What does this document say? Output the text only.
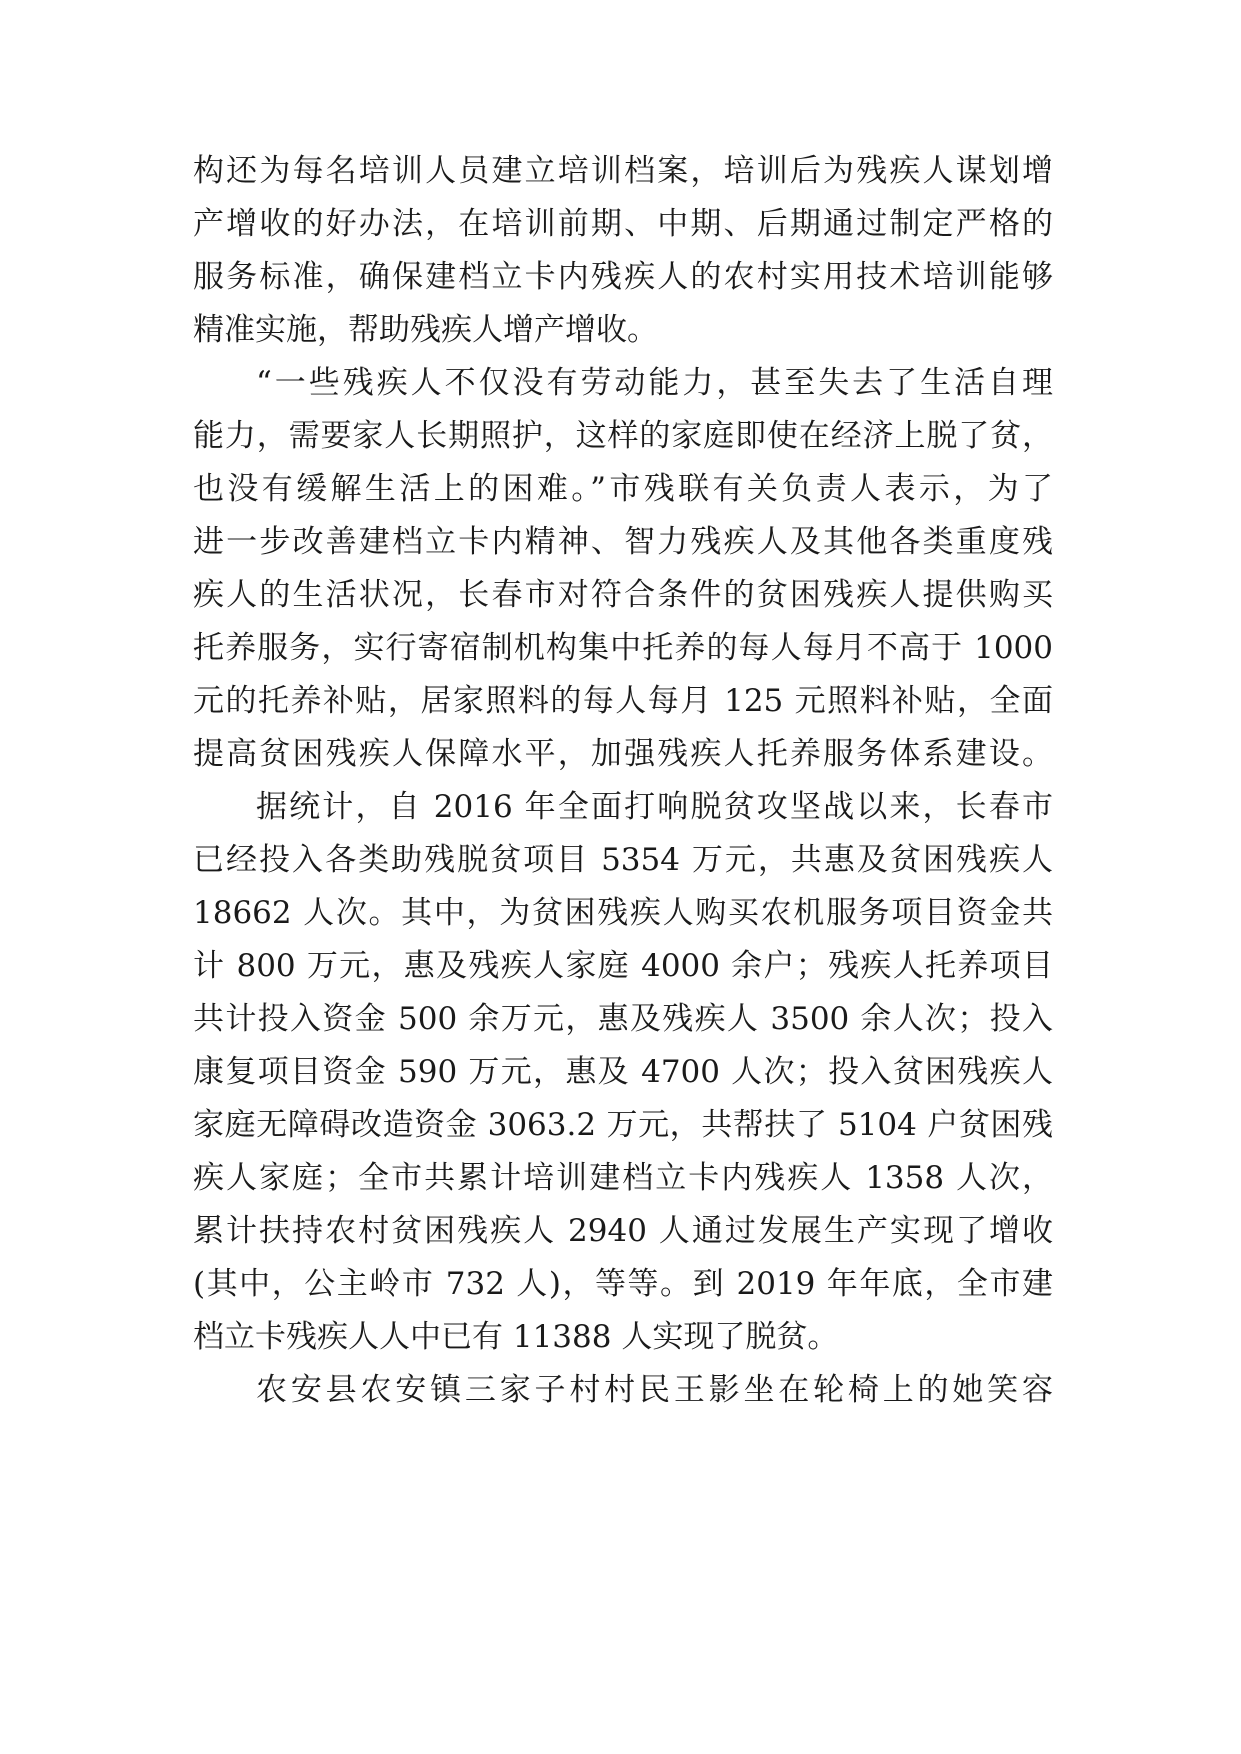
构还为每名培训人员建立培训档案，培训后为残疾人谋划增
产增收的好办法，在培训前期、中期、后期通过制定严格的
服务标准，确保建档立卡内残疾人的农村实用技术培训能够
精准实施，帮助残疾人增产增收。
“一些残疾人不仅没有劳动能力，甚至失去了生活自理
能力，需要家人长期照护，这样的家庭即使在经济上脱了贫，
也没有缓解生活上的困难。”市残联有关负责人表示，为了
进一步改善建档立卡内精神、智力残疾人及其他各类重度残
疾人的生活状况，长春市对符合条件的贫困残疾人提供购买
托养服务，实行寄宿制机构集中托养的每人每月不高于 1000
元的托养补贴，居家照料的每人每月 125 元照料补贴，全面
提高贫困残疾人保障水平，加强残疾人托养服务体系建设。
据统计，自 2016 年全面打响脱贫攻坚战以来，长春市
已经投入各类助残脱贫项目 5354 万元，共惠及贫困残疾人
18662 人次。其中，为贫困残疾人购买农机服务项目资金共
计 800 万元，惠及残疾人家庭 4000 余户；残疾人托养项目
共计投入资金 500 余万元，惠及残疾人 3500 余人次；投入
康复项目资金 590 万元，惠及 4700 人次；投入贫困残疾人
家庭无障碍改造资金 3063.2 万元，共帮扶了 5104 户贫困残
疾人家庭；全市共累计培训建档立卡内残疾人 1358 人次，
累计扶持农村贫困残疾人 2940 人通过发展生产实现了增收
(其中，公主岭市 732 人)，等等。到 2019 年年底，全市建
档立卡残疾人人中已有 11388 人实现了脱贫。
农安县农安镇三家子村村民王影坐在轮椅上的她笑容
